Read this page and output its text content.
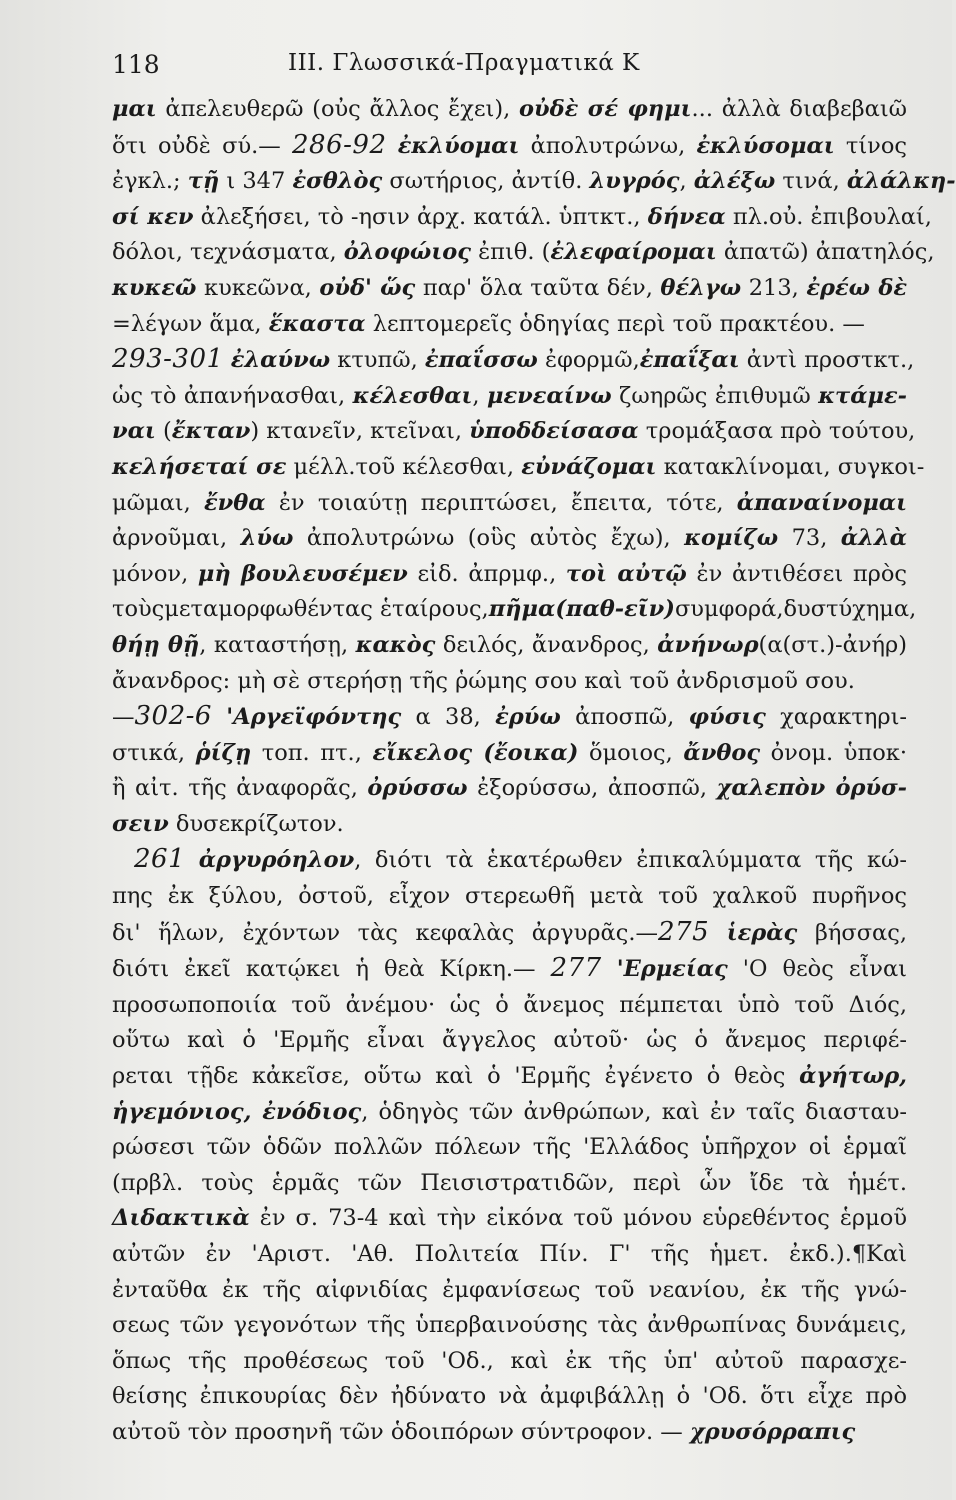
118	ΙΙΙ. Γλωσσικά-Πραγματικά Κ
μαι ἀπελευθερῶ (οὐς ἄλλος ἔχει), οὐδὲ σέ φημι... ἀλλὰ διαβεβαιῶ
ὅτι οὐδὲ σύ.— 286-92 ἐκλύομαι ἀπολυτρώνω, ἐκλύσομαι τίνος
ἐγκλ.; τῇ ι 347 ἐσθλὸς σωτήριος, ἀντίθ. λυγρός, ἀλέξω τινά, ἀλάλκη-
σί κεν ἀλεξήσει, τὸ -ησιν ἀρχ. κατάλ. ὑπτκτ., δήνεα πλ.οὐ. ἐπιβουλαί,
δόλοι, τεχνάσματα, ὀλοφώιος ἐπιθ. (ἐλεφαίρομαι ἀπατῶ) ἀπατηλός,
κυκεῶ κυκεῶνα, οὐδ' ὥς παρ' ὅλα ταῦτα δέν, θέλγω 213, ἐρέω δὲ
=λέγων ἅμα, ἕκαστα λεπτομερεῖς ὁδηγίας περὶ τοῦ πρακτέου. —
293-301 ἐλαύνω κτυπῶ, ἐπαΐσσω ἐφορμῶ,ἐπαΐξαι ἀντὶ προστκτ.,
ὡς τὸ ἀπανήνασθαι, κέλεσθαι, μενεαίνω ζωηρῶς ἐπιθυμῶ κτάμε-
ναι (ἔκταν) κτανεῖν, κτεῖναι, ὑποδδείσασα τρομάξασα πρὸ τούτου,
κελήσεταί σε μέλλ.τοῦ κέλεσθαι, εὐνάζομαι κατακλίνομαι, συγκοι-
μῶμαι, ἔνθα ἐν τοιαύτῃ περιπτώσει, ἔπειτα, τότε, ἀπαναίνομαι
ἀρνοῦμαι, λύω ἀπολυτρώνω (οὓς αὐτὸς ἔχω), κομίζω 73, ἀλλὰ
μόνον, μὴ βουλευσέμεν εἰδ. ἀπρμφ., τοὶ αὐτῷ ἐν ἀντιθέσει πρὸς
τοὺςμεταμορφωθέντας ἑταίρους,πῆμα(παθ-εῖν)συμφορά,δυστύχημα,
θήῃ θῇ, καταστήσῃ, κακὸς δειλός, ἄνανδρος, ἀνήνωρ(α(στ.)-ἀνήρ)
ἄνανδρος: μὴ σὲ στερήσῃ τῆς ῥώμης σου καὶ τοῦ ἀνδρισμοῦ σου.
—302-6 'Αργεϊφόντης α 38, ἐρύω ἀποσπῶ, φύσις χαρακτηρι-
στικά, ῥίζῃ τοπ. πτ., εἴκελος (ἔοικα) ὅμοιος, ἄνθος ὀνομ. ὑποκ·
ἢ αἰτ. τῆς ἀναφορᾶς, ὀρύσσω ἐξορύσσω, ἀποσπῶ, χαλεπὸν ὀρύσ-
σειν δυσεκρίζωτον.
261 ἀργυρόηλον, διότι τὰ ἑκατέρωθεν ἐπικαλύμματα τῆς κώ-
πης ἐκ ξύλου, ὀστοῦ, εἶχον στερεωθῆ μετὰ τοῦ χαλκοῦ πυρῆνος
δι' ἥλων, ἐχόντων τὰς κεφαλὰς ἀργυρᾶς.—275 ἱερὰς βήσσας,
διότι ἐκεῖ κατῴκει ἡ θεὰ Κίρκη.— 277 'Ερμείας 'Ο θεὸς εἶναι
προσωποποιία τοῦ ἀνέμου· ὡς ὁ ἄνεμος πέμπεται ὑπὸ τοῦ Διός,
οὕτω καὶ ὁ 'Ερμῆς εἶναι ἄγγελος αὐτοῦ· ὡς ὁ ἄνεμος περιφέ-
ρεται τῇδε κἀκεῖσε, οὕτω καὶ ὁ 'Ερμῆς ἐγένετο ὁ θεὸς ἀγήτωρ,
ἡγεμόνιος, ἐνόδιος, ὁδηγὸς τῶν ἀνθρώπων, καὶ ἐν ταῖς διασταυ-
ρώσεσι τῶν ὁδῶν πολλῶν πόλεων τῆς 'Ελλάδος ὑπῆρχον οἱ ἑρμαῖ
(πρβλ. τοὺς ἑρμᾶς τῶν Πεισιστρατιδῶν, περὶ ὧν ἴδε τὰ ἡμέτ.
Διδακτικὰ ἐν σ. 73-4 καὶ τὴν εἰκόνα τοῦ μόνου εὑρεθέντος ἑρμοῦ
αὐτῶν ἐν 'Αριστ. 'Αθ. Πολιτεία Πίν. Γ' τῆς ἡμετ. ἐκδ.).¶Καὶ
ἐνταῦθα ἐκ τῆς αἰφνιδίας ἐμφανίσεως τοῦ νεανίου, ἐκ τῆς γνώ-
σεως τῶν γεγονότων τῆς ὑπερβαινούσης τὰς ἀνθρωπίνας δυνάμεις,
ὅπως τῆς προθέσεως τοῦ 'Οδ., καὶ ἐκ τῆς ὑπ' αὐτοῦ παρασχε-
θείσης ἐπικουρίας δὲν ἠδύνατο νὰ ἀμφιβάλλῃ ὁ 'Οδ. ὅτι εἶχε πρὸ
αὐτοῦ τὸν προσηνῆ τῶν ὁδοιπόρων σύντροφον. — χρυσόρραπις
